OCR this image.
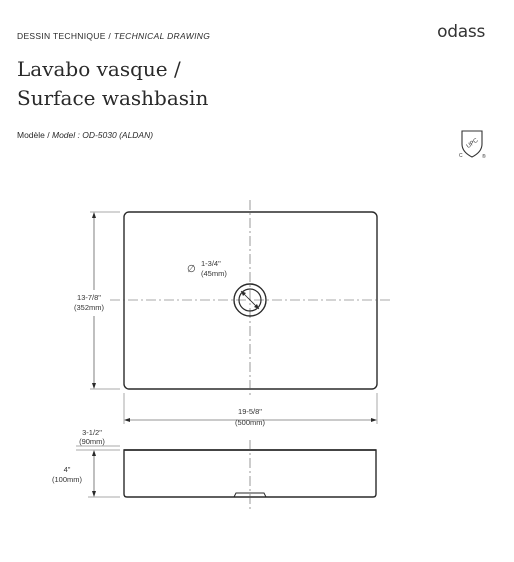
DESSIN TECHNIQUE / TECHNICAL DRAWING	odass
Lavabo vasque /
Surface washbasin
Modèle / Model : OD-5030 (ALDAN)
UPC
C	®
∅
1-3/4"
(45mm)
13-7/8"
(352mm)
19-5/8"
(500mm)
3-1/2"
(90mm)
4"
(100mm)
